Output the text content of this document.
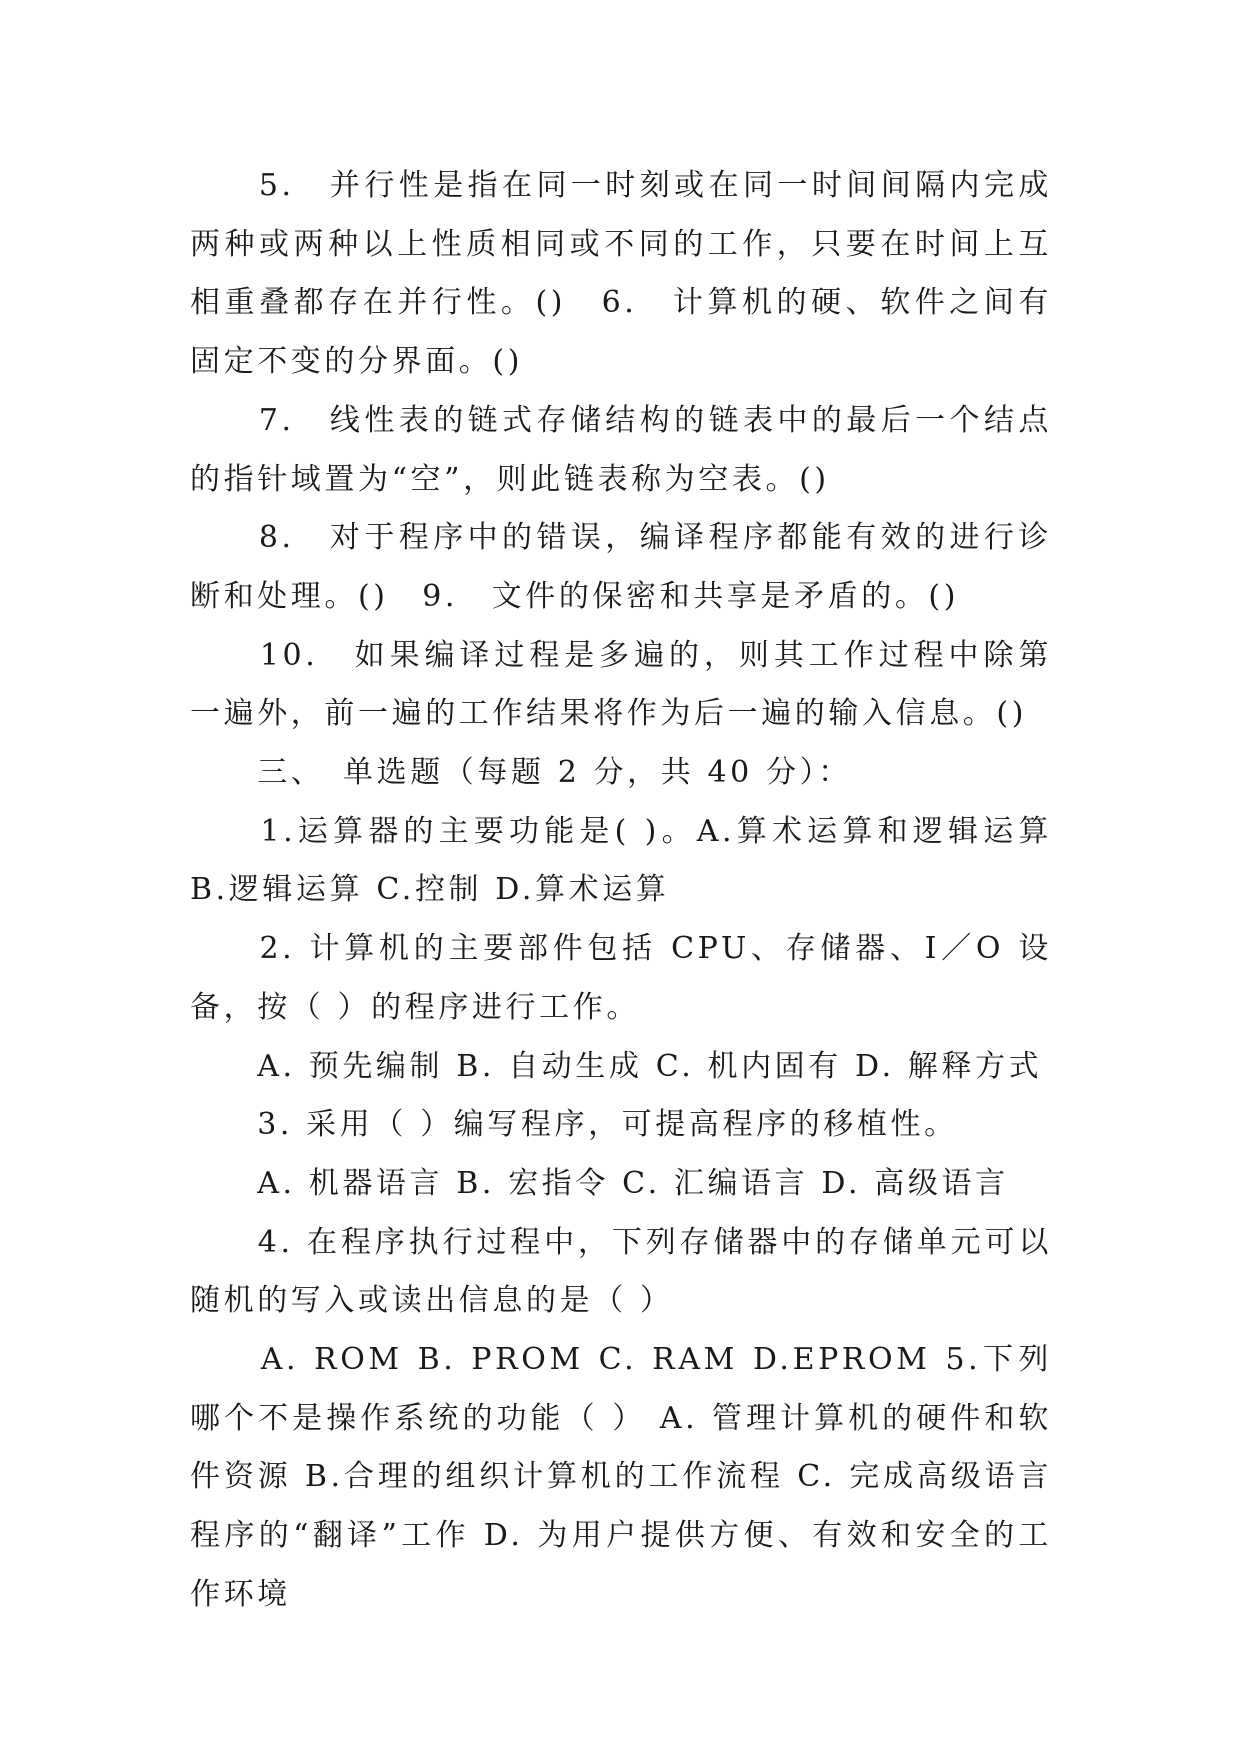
　　5.　并行性是指在同一时刻或在同一时间间隔内完成两种或两种以上性质相同或不同的工作，只要在时间上互相重叠都存在并行性。()　6.　计算机的硬、软件之间有固定不变的分界面。()

　　7.　线性表的链式存储结构的链表中的最后一个结点的指针域置为“空”，则此链表称为空表。()

　　8.　对于程序中的错误，编译程序都能有效的进行诊断和处理。()　9.　文件的保密和共享是矛盾的。()

　　10.　如果编译过程是多遍的，则其工作过程中除第一遍外，前一遍的工作结果将作为后一遍的输入信息。()

　　三、　单选题（每题 2 分，共 40 分）：

　　1.运算器的主要功能是( )。A.算术运算和逻辑运算 B.逻辑运算 C.控制 D.算术运算

　　2. 计算机的主要部件包括 CPU、存储器、I／O 设备，按（ ）的程序进行工作。

　　A. 预先编制 B. 自动生成 C. 机内固有 D. 解释方式

　　3. 采用（ ）编写程序，可提高程序的移植性。

　　A. 机器语言 B. 宏指令 C. 汇编语言 D. 高级语言

　　4. 在程序执行过程中，下列存储器中的存储单元可以随机的写入或读出信息的是（ ）

　　A. ROM B. PROM C. RAM D.EPROM 5.下列哪个不是操作系统的功能（ ） A. 管理计算机的硬件和软件资源 B.合理的组织计算机的工作流程 C. 完成高级语言程序的“翻译”工作 D. 为用户提供方便、有效和安全的工作环境
